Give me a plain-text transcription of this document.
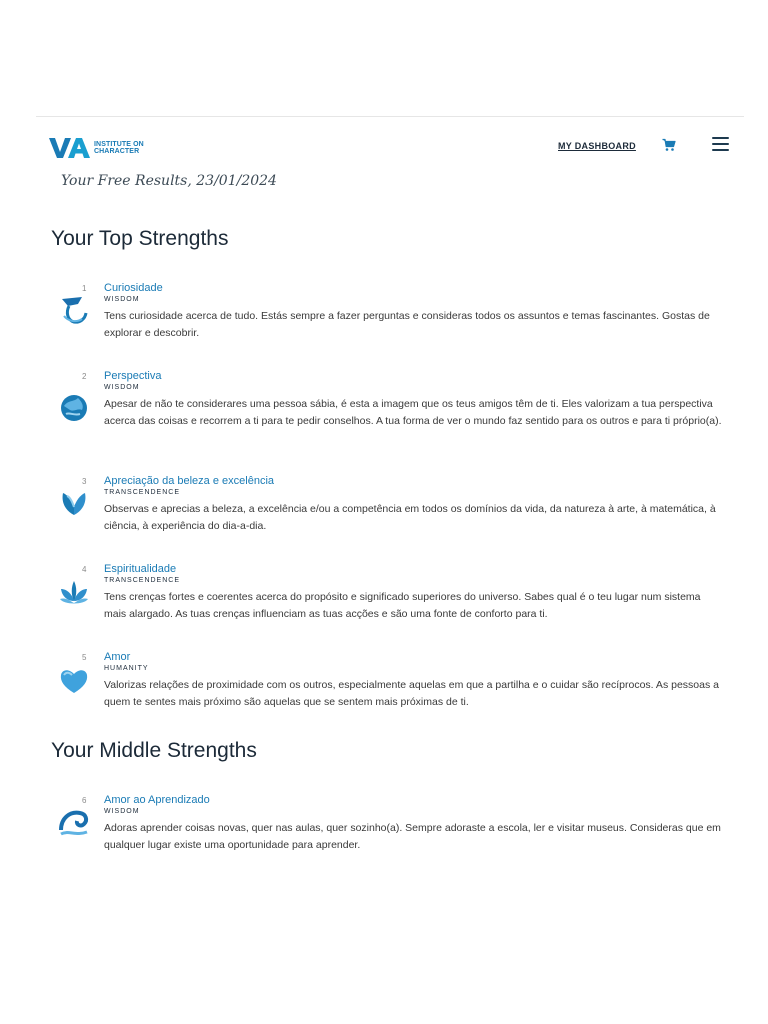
INSTITUTE ON
CHARACTER
MY DASHBOARD
Your Free Results, 23/01/2024
Your Top Strengths
1 Curiosidade
WISDOM
Tens curiosidade acerca de tudo. Estás sempre a fazer perguntas e consideras todos os assuntos e temas fascinantes. Gostas de explorar e descobrir.
2 Perspectiva
WISDOM
Apesar de não te considerares uma pessoa sábia, é esta a imagem que os teus amigos têm de ti. Eles valorizam a tua perspectiva acerca das coisas e recorrem a ti para te pedir conselhos. A tua forma de ver o mundo faz sentido para os outros e para ti próprio(a).
3 Apreciação da beleza e excelência
TRANSCENDENCE
Observas e aprecias a beleza, a excelência e/ou a competência em todos os domínios da vida, da natureza à arte, à matemática, à ciência, à experiência do dia-a-dia.
4 Espiritualidade
TRANSCENDENCE
Tens crenças fortes e coerentes acerca do propósito e significado superiores do universo. Sabes qual é o teu lugar num sistema mais alargado. As tuas crenças influenciam as tuas acções e são uma fonte de conforto para ti.
5 Amor
HUMANITY
Valorizas relações de proximidade com os outros, especialmente aquelas em que a partilha e o cuidar são recíprocos. As pessoas a quem te sentes mais próximo são aquelas que se sentem mais próximas de ti.
Your Middle Strengths
6 Amor ao Aprendizado
WISDOM
Adoras aprender coisas novas, quer nas aulas, quer sozinho(a). Sempre adoraste a escola, ler e visitar museus. Consideras que em qualquer lugar existe uma oportunidade para aprender.
